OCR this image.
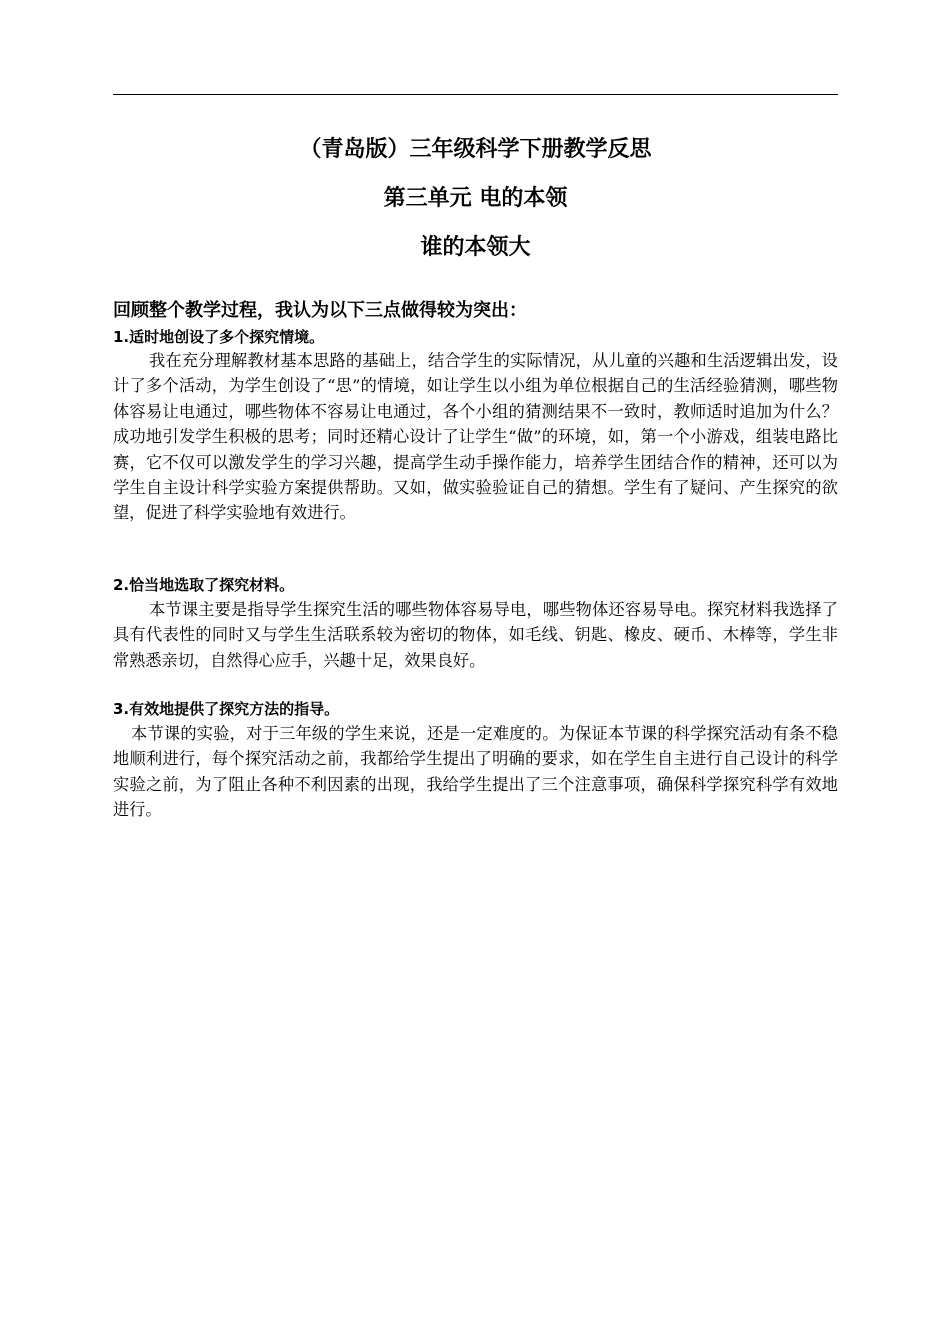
（青岛版）三年级科学下册教学反思
第三单元 电的本领
谁的本领大
回顾整个教学过程，我认为以下三点做得较为突出：
1.适时地创设了多个探究情境。

我在充分理解教材基本思路的基础上，结合学生的实际情况，从儿童的兴趣和生活逻辑出发，设计了多个活动，为学生创设了“思”的情境，如让学生以小组为单位根据自己的生活经验猜测，哪些物体容易让电通过，哪些物体不容易让电通过，各个小组的猜测结果不一致时，教师适时追加为什么？成功地引发学生积极的思考；同时还精心设计了让学生“做”的环境，如，第一个小游戏，组装电路比赛，它不仅可以激发学生的学习兴趣，提高学生动手操作能力，培养学生团结合作的精神，还可以为学生自主设计科学实验方案提供帮助。又如，做实验验证自己的猜想。学生有了疑问、产生探究的欲望，促进了科学实验地有效进行。

2.恰当地选取了探究材料。

本节课主要是指导学生探究生活的哪些物体容易导电，哪些物体还容易导电。探究材料我选择了具有代表性的同时又与学生生活联系较为密切的物体，如毛线、钥匙、橡皮、硬币、木棒等，学生非常熟悉亲切，自然得心应手，兴趣十足，效果良好。

3.有效地提供了探究方法的指导。

本节课的实验，对于三年级的学生来说，还是一定难度的。为保证本节课的科学探究活动有条不稳地顺利进行，每个探究活动之前，我都给学生提出了明确的要求，如在学生自主进行自己设计的科学实验之前，为了阻止各种不利因素的出现，我给学生提出了三个注意事项，确保科学探究科学有效地进行。
